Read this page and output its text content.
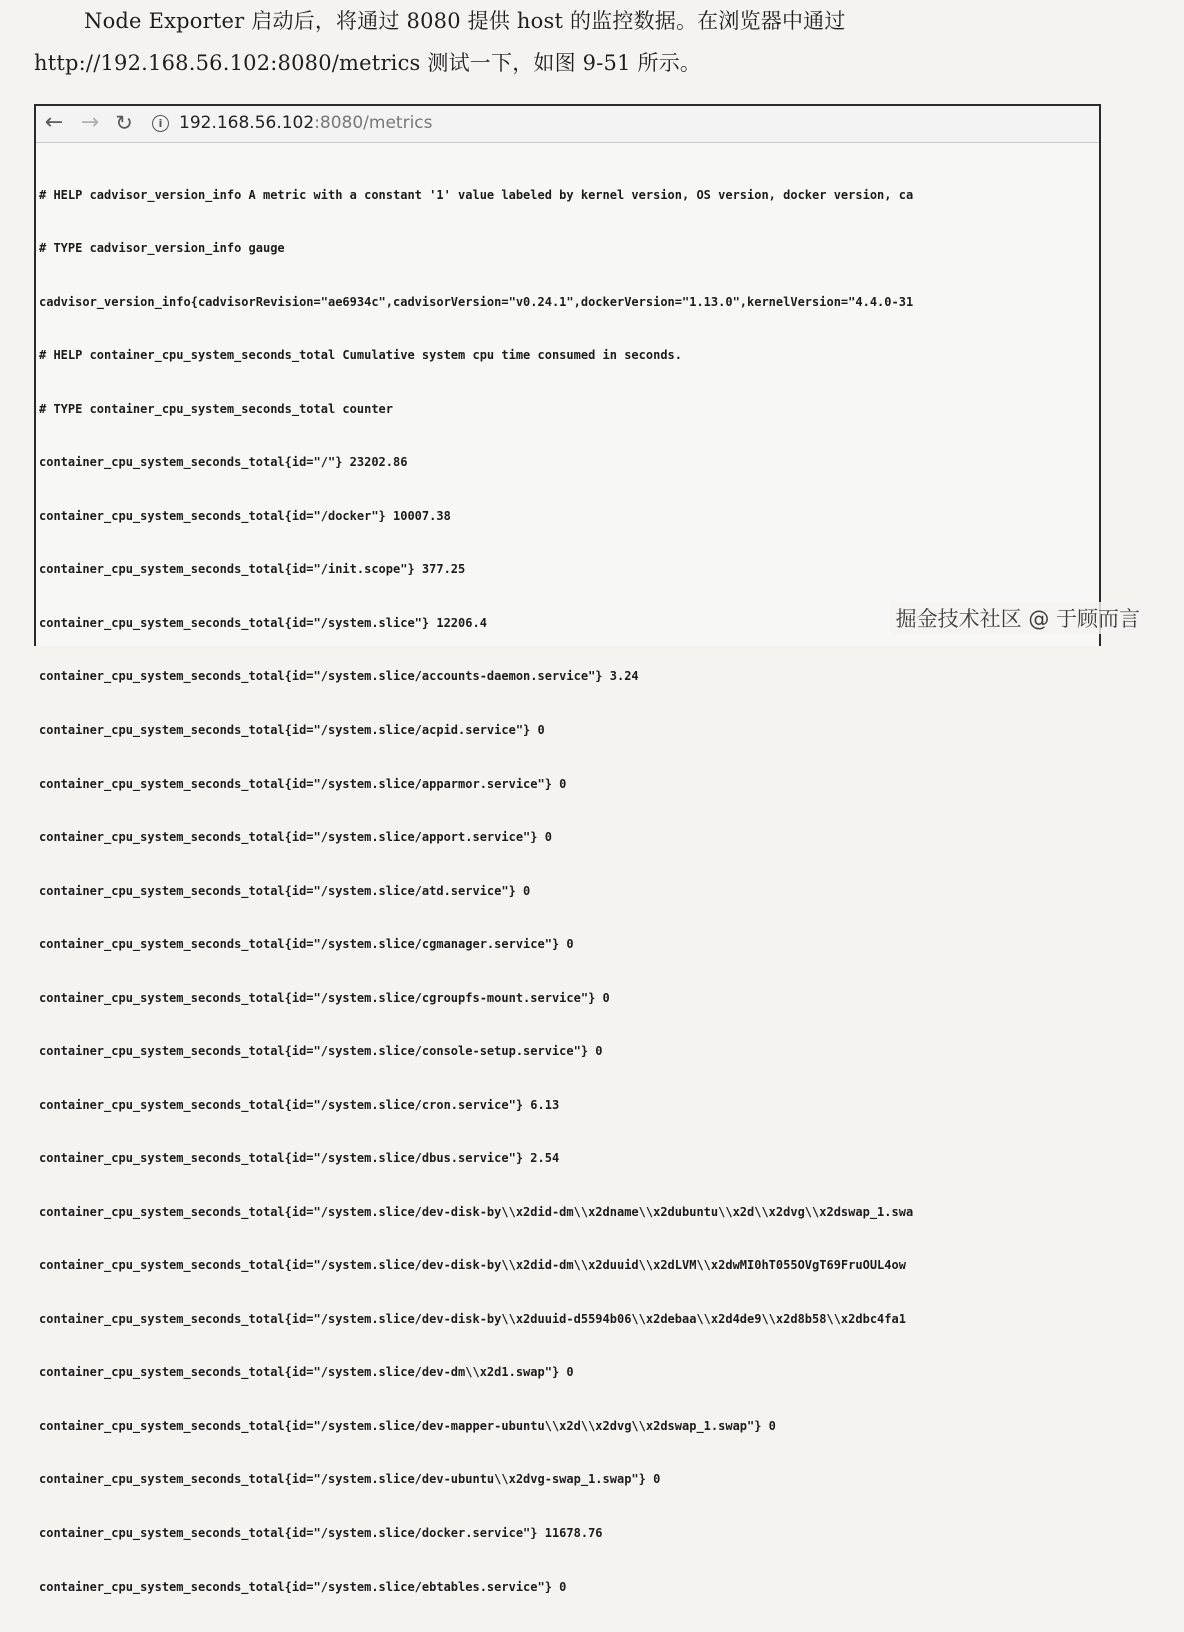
Node Exporter 启动后，将通过 8080 提供 host 的监控数据。在浏览器中通过
http://192.168.56.102:8080/metrics 测试一下，如图 9-51 所示。
← → ↻	i 192.168.56.102:8080/metrics

# HELP cadvisor_version_info A metric with a constant '1' value labeled by kernel version, OS version, docker version, ca

# TYPE cadvisor_version_info gauge

cadvisor_version_info{cadvisorRevision="ae6934c",cadvisorVersion="v0.24.1",dockerVersion="1.13.0",kernelVersion="4.4.0-31

# HELP container_cpu_system_seconds_total Cumulative system cpu time consumed in seconds.

# TYPE container_cpu_system_seconds_total counter

container_cpu_system_seconds_total{id="/"} 23202.86

container_cpu_system_seconds_total{id="/docker"} 10007.38

container_cpu_system_seconds_total{id="/init.scope"} 377.25

container_cpu_system_seconds_total{id="/system.slice"} 12206.4

container_cpu_system_seconds_total{id="/system.slice/accounts-daemon.service"} 3.24

container_cpu_system_seconds_total{id="/system.slice/acpid.service"} 0

container_cpu_system_seconds_total{id="/system.slice/apparmor.service"} 0

container_cpu_system_seconds_total{id="/system.slice/apport.service"} 0

container_cpu_system_seconds_total{id="/system.slice/atd.service"} 0

container_cpu_system_seconds_total{id="/system.slice/cgmanager.service"} 0

container_cpu_system_seconds_total{id="/system.slice/cgroupfs-mount.service"} 0

container_cpu_system_seconds_total{id="/system.slice/console-setup.service"} 0

container_cpu_system_seconds_total{id="/system.slice/cron.service"} 6.13

container_cpu_system_seconds_total{id="/system.slice/dbus.service"} 2.54

container_cpu_system_seconds_total{id="/system.slice/dev-disk-by\\x2did-dm\\x2dname\\x2dubuntu\\x2d\\x2dvg\\x2dswap_1.swa

container_cpu_system_seconds_total{id="/system.slice/dev-disk-by\\x2did-dm\\x2duuid\\x2dLVM\\x2dwMI0hT055OVgT69FruOUL4ow

container_cpu_system_seconds_total{id="/system.slice/dev-disk-by\\x2duuid-d5594b06\\x2debaa\\x2d4de9\\x2d8b58\\x2dbc4fa1

container_cpu_system_seconds_total{id="/system.slice/dev-dm\\x2d1.swap"} 0

container_cpu_system_seconds_total{id="/system.slice/dev-mapper-ubuntu\\x2d\\x2dvg\\x2dswap_1.swap"} 0

container_cpu_system_seconds_total{id="/system.slice/dev-ubuntu\\x2dvg-swap_1.swap"} 0

container_cpu_system_seconds_total{id="/system.slice/docker.service"} 11678.76

container_cpu_system_seconds_total{id="/system.slice/ebtables.service"} 0

掘金技术社区 @ 于顾而言
